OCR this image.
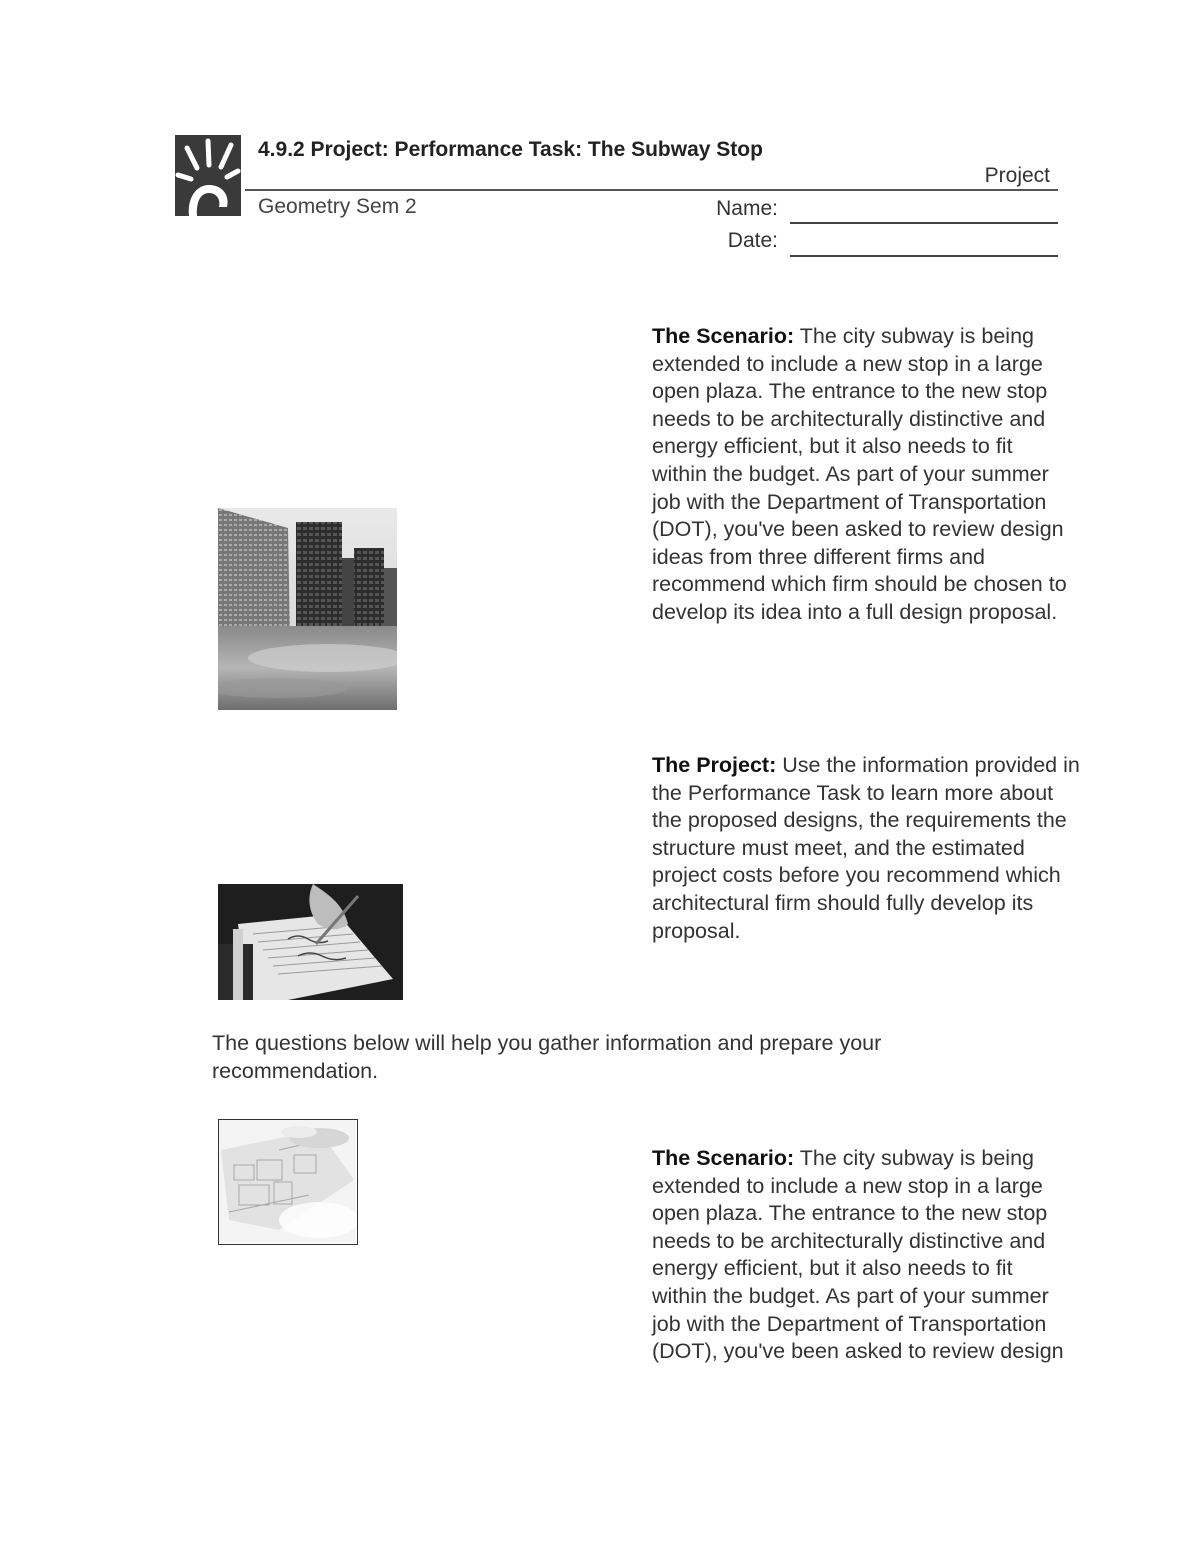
4.9.2 Project: Performance Task: The Subway Stop
Project
Geometry Sem 2	Name:
Date:
The Scenario: The city subway is being extended to include a new stop in a large open plaza. The entrance to the new stop needs to be architecturally distinctive and energy efficient, but it also needs to fit within the budget. As part of your summer job with the Department of Transportation (DOT), you've been asked to review design ideas from three different firms and recommend which firm should be chosen to develop its idea into a full design proposal.
The Project: Use the information provided in the Performance Task to learn more about the proposed designs, the requirements the structure must meet, and the estimated project costs before you recommend which architectural firm should fully develop its proposal.
The questions below will help you gather information and prepare your recommendation.
The Scenario: The city subway is being extended to include a new stop in a large open plaza. The entrance to the new stop needs to be architecturally distinctive and energy efficient, but it also needs to fit within the budget. As part of your summer job with the Department of Transportation (DOT), you've been asked to review design
